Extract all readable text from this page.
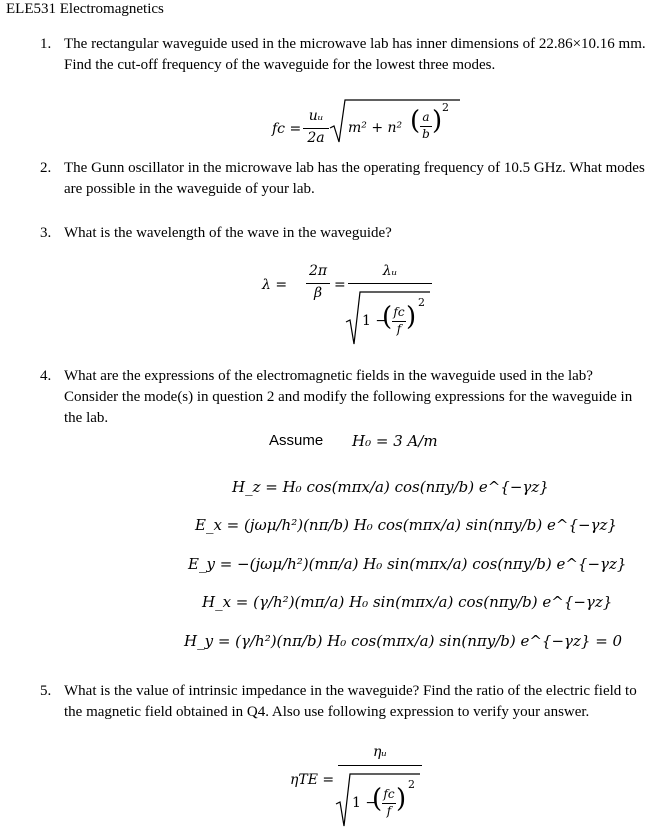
ELE531 Electromagnetics
1. The rectangular waveguide used in the microwave lab has inner dimensions of 22.86×10.16 mm. Find the cut-off frequency of the waveguide for the lowest three modes.
fc =
uᵤ
2a
m² + n² ( a
b ) 2
2. The Gunn oscillator in the microwave lab has the operating frequency of 10.5 GHz. What modes are possible in the waveguide of your lab.
3. What is the wavelength of the wave in the waveguide?
λ =
2π
β =
λᵤ
1 −
( fc
f ) 2
4. What are the expressions of the electromagnetic fields in the waveguide used in the lab? Consider the mode(s) in question 2 and modify the following expressions for the waveguide in the lab.
Assume H₀ = 3 A/m
H_z = H₀ cos(mπx/a) cos(nπy/b) e^{−γz}
E_x = (jωμ/h²)(nπ/b) H₀ cos(mπx/a) sin(nπy/b) e^{−γz}
E_y = −(jωμ/h²)(mπ/a) H₀ sin(mπx/a) cos(nπy/b) e^{−γz}
H_x = (γ/h²)(mπ/a) H₀ sin(mπx/a) cos(nπy/b) e^{−γz}
H_y = (γ/h²)(nπ/b) H₀ cos(mπx/a) sin(nπy/b) e^{−γz} = 0
5. What is the value of intrinsic impedance in the waveguide? Find the ratio of the electric field to the magnetic field obtained in Q4. Also use following expression to verify your answer.
ηTE =
ηᵤ
1 −
( fc
f ) 2
